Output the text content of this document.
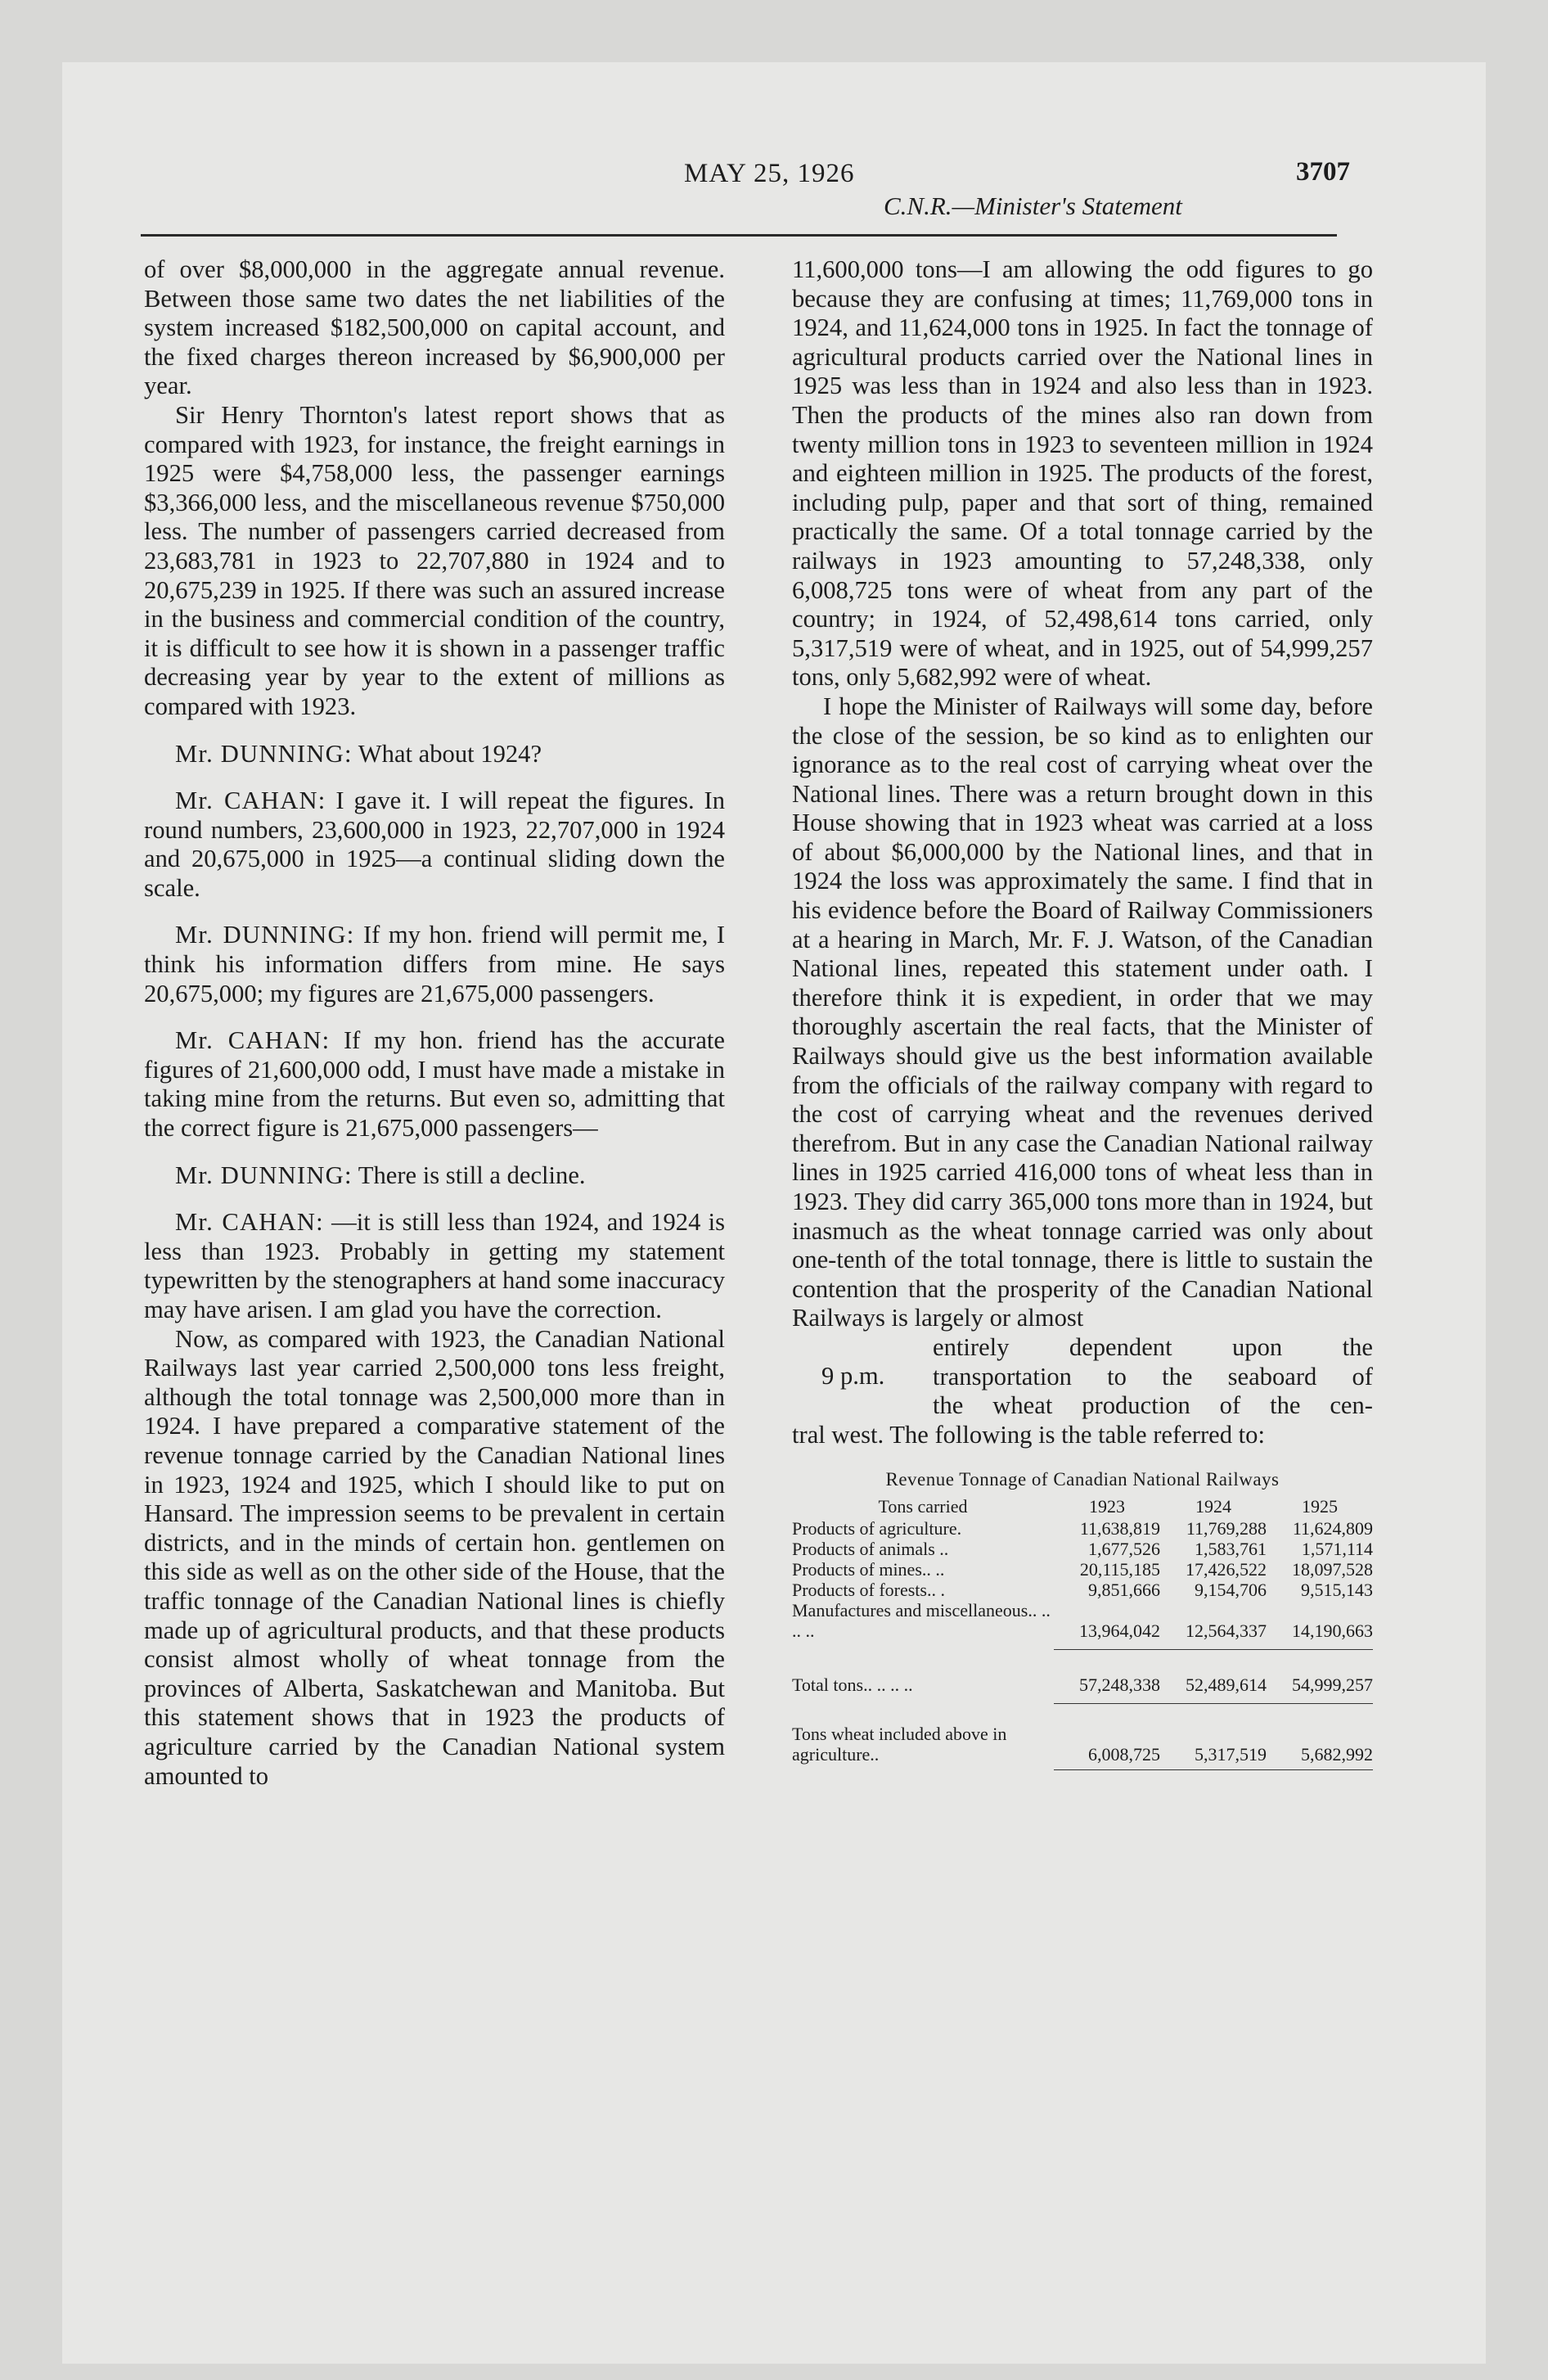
MAY 25, 1926	3707
C.N.R.—Minister's Statement

of over $8,000,000 in the aggregate annual revenue. Between those same two dates the net liabilities of the system increased $182,500,000 on capital account, and the fixed charges thereon increased by $6,900,000 per year.

Sir Henry Thornton's latest report shows that as compared with 1923, for instance, the freight earnings in 1925 were $4,758,000 less, the passenger earnings $3,366,000 less, and the miscellaneous revenue $750,000 less. The number of passengers carried decreased from 23,683,781 in 1923 to 22,707,880 in 1924 and to 20,675,239 in 1925. If there was such an assured increase in the business and commercial condition of the country, it is difficult to see how it is shown in a passenger traffic decreasing year by year to the extent of millions as compared with 1923.

Mr. DUNNING: What about 1924?

Mr. CAHAN: I gave it. I will repeat the figures. In round numbers, 23,600,000 in 1923, 22,707,000 in 1924 and 20,675,000 in 1925—a continual sliding down the scale.

Mr. DUNNING: If my hon. friend will permit me, I think his information differs from mine. He says 20,675,000; my figures are 21,675,000 passengers.

Mr. CAHAN: If my hon. friend has the accurate figures of 21,600,000 odd, I must have made a mistake in taking mine from the returns. But even so, admitting that the correct figure is 21,675,000 passengers—

Mr. DUNNING: There is still a decline.

Mr. CAHAN: —it is still less than 1924, and 1924 is less than 1923. Probably in getting my statement typewritten by the stenographers at hand some inaccuracy may have arisen. I am glad you have the correction.

Now, as compared with 1923, the Canadian National Railways last year carried 2,500,000 tons less freight, although the total tonnage was 2,500,000 more than in 1924. I have prepared a comparative statement of the revenue tonnage carried by the Canadian National lines in 1923, 1924 and 1925, which I should like to put on Hansard. The impression seems to be prevalent in certain districts, and in the minds of certain hon. gentlemen on this side as well as on the other side of the House, that the traffic tonnage of the Canadian National lines is chiefly made up of agricultural products, and that these products consist almost wholly of wheat tonnage from the provinces of Alberta, Saskatchewan and Manitoba. But this statement shows that in 1923 the products of agriculture carried by the Canadian National system amounted to

11,600,000 tons—I am allowing the odd figures to go because they are confusing at times; 11,769,000 tons in 1924, and 11,624,000 tons in 1925. In fact the tonnage of agricultural products carried over the National lines in 1925 was less than in 1924 and also less than in 1923. Then the products of the mines also ran down from twenty million tons in 1923 to seventeen million in 1924 and eighteen million in 1925. The products of the forest, including pulp, paper and that sort of thing, remained practically the same. Of a total tonnage carried by the railways in 1923 amounting to 57,248,338, only 6,008,725 tons were of wheat from any part of the country; in 1924, of 52,498,614 tons carried, only 5,317,519 were of wheat, and in 1925, out of 54,999,257 tons, only 5,682,992 were of wheat.

I hope the Minister of Railways will some day, before the close of the session, be so kind as to enlighten our ignorance as to the real cost of carrying wheat over the National lines. There was a return brought down in this House showing that in 1923 wheat was carried at a loss of about $6,000,000 by the National lines, and that in 1924 the loss was approximately the same. I find that in his evidence before the Board of Railway Commissioners at a hearing in March, Mr. F. J. Watson, of the Canadian National lines, repeated this statement under oath. I therefore think it is expedient, in order that we may thoroughly ascertain the real facts, that the Minister of Railways should give us the best information available from the officials of the railway company with regard to the cost of carrying wheat and the revenues derived therefrom. But in any case the Canadian National railway lines in 1925 carried 416,000 tons of wheat less than in 1923. They did carry 365,000 tons more than in 1924, but inasmuch as the wheat tonnage carried was only about one-tenth of the total tonnage, there is little to sustain the contention that the prosperity of the Canadian National Railways is largely or almost

9 p.m.
entirely dependent upon the
transportation to the seaboard of
the wheat production of the cen-

tral west. The following is the table referred to:

Revenue Tonnage of Canadian National Railways
Tons carried	1923	1924	1925
Products of agriculture.	11,638,819	11,769,288	11,624,809
Products of animals ..	1,677,526	1,583,761	1,571,114
Products of mines.. ..	20,115,185	17,426,522	18,097,528
Products of forests.. .	9,851,666	9,154,706	9,515,143
Manufactures and miscellaneous.. .. .. ..	13,964,042	12,564,337	14,190,663

Total tons.. .. .. ..	57,248,338	52,489,614	54,999,257

Tons wheat included above in agriculture..	6,008,725	5,317,519	5,682,992
